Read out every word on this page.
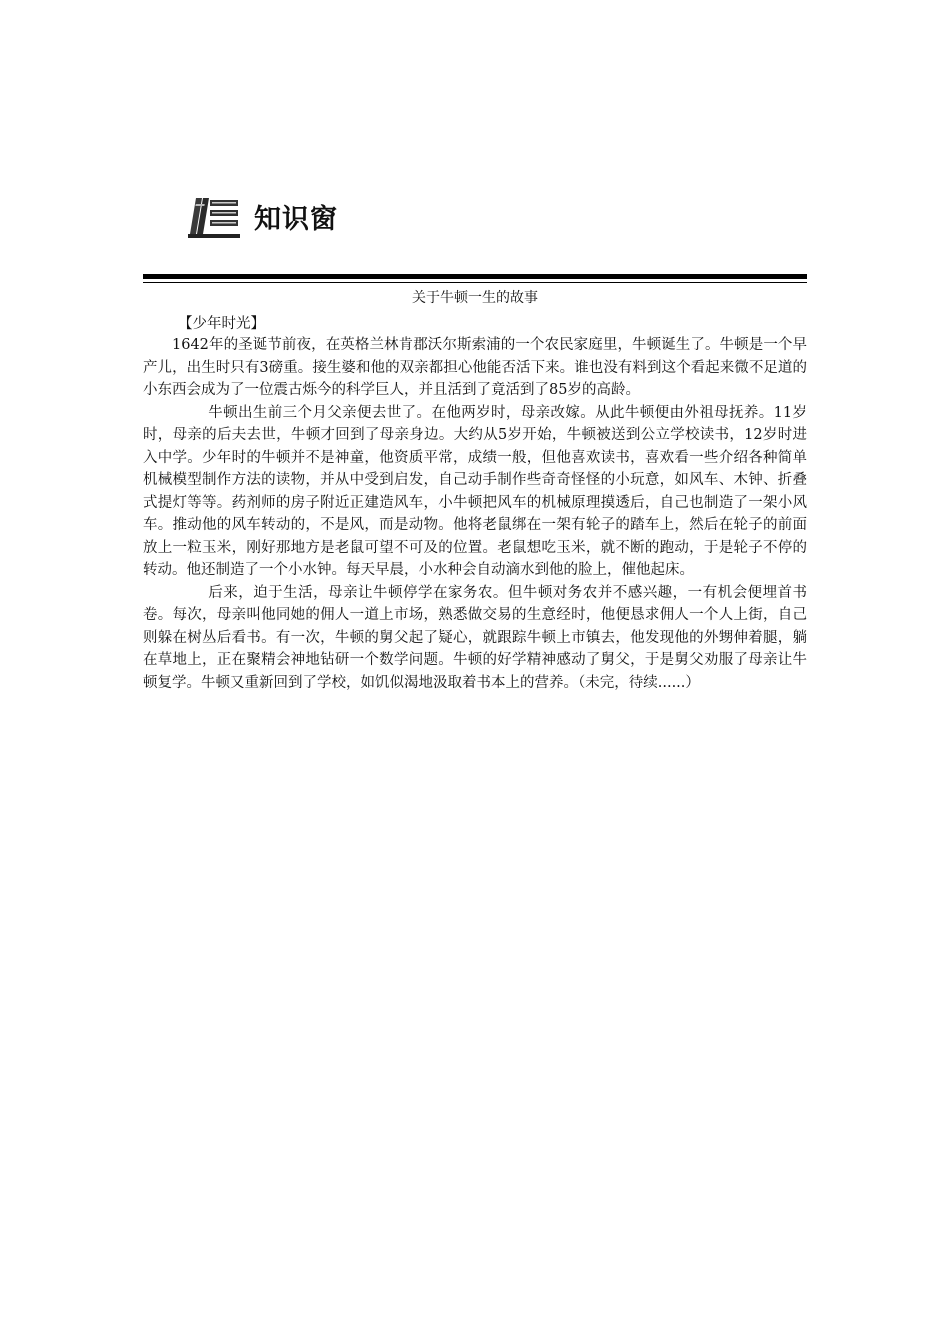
知识窗
关于牛顿一生的故事
【少年时光】

1642年的圣诞节前夜，在英格兰林肯郡沃尔斯索浦的一个农民家庭里，牛顿诞生了。牛顿是一个早产儿，出生时只有3磅重。接生婆和他的双亲都担心他能否活下来。谁也没有料到这个看起来微不足道的小东西会成为了一位震古烁今的科学巨人，并且活到了竟活到了85岁的高龄。

牛顿出生前三个月父亲便去世了。在他两岁时，母亲改嫁。从此牛顿便由外祖母抚养。11岁时，母亲的后夫去世，牛顿才回到了母亲身边。大约从5岁开始，牛顿被送到公立学校读书，12岁时进入中学。少年时的牛顿并不是神童，他资质平常，成绩一般，但他喜欢读书，喜欢看一些介绍各种简单机械模型制作方法的读物，并从中受到启发，自己动手制作些奇奇怪怪的小玩意，如风车、木钟、折叠式提灯等等。药剂师的房子附近正建造风车，小牛顿把风车的机械原理摸透后，自己也制造了一架小风车。推动他的风车转动的，不是风，而是动物。他将老鼠绑在一架有轮子的踏车上，然后在轮子的前面放上一粒玉米，刚好那地方是老鼠可望不可及的位置。老鼠想吃玉米，就不断的跑动，于是轮子不停的转动。他还制造了一个小水钟。每天早晨，小水种会自动滴水到他的脸上，催他起床。

后来，迫于生活，母亲让牛顿停学在家务农。但牛顿对务农并不感兴趣，一有机会便埋首书卷。每次，母亲叫他同她的佣人一道上市场，熟悉做交易的生意经时，他便恳求佣人一个人上街，自己则躲在树丛后看书。有一次，牛顿的舅父起了疑心，就跟踪牛顿上市镇去，他发现他的外甥伸着腿，躺在草地上，正在聚精会神地钻研一个数学问题。牛顿的好学精神感动了舅父，于是舅父劝服了母亲让牛顿复学。牛顿又重新回到了学校，如饥似渴地汲取着书本上的营养。（未完，待续......）
